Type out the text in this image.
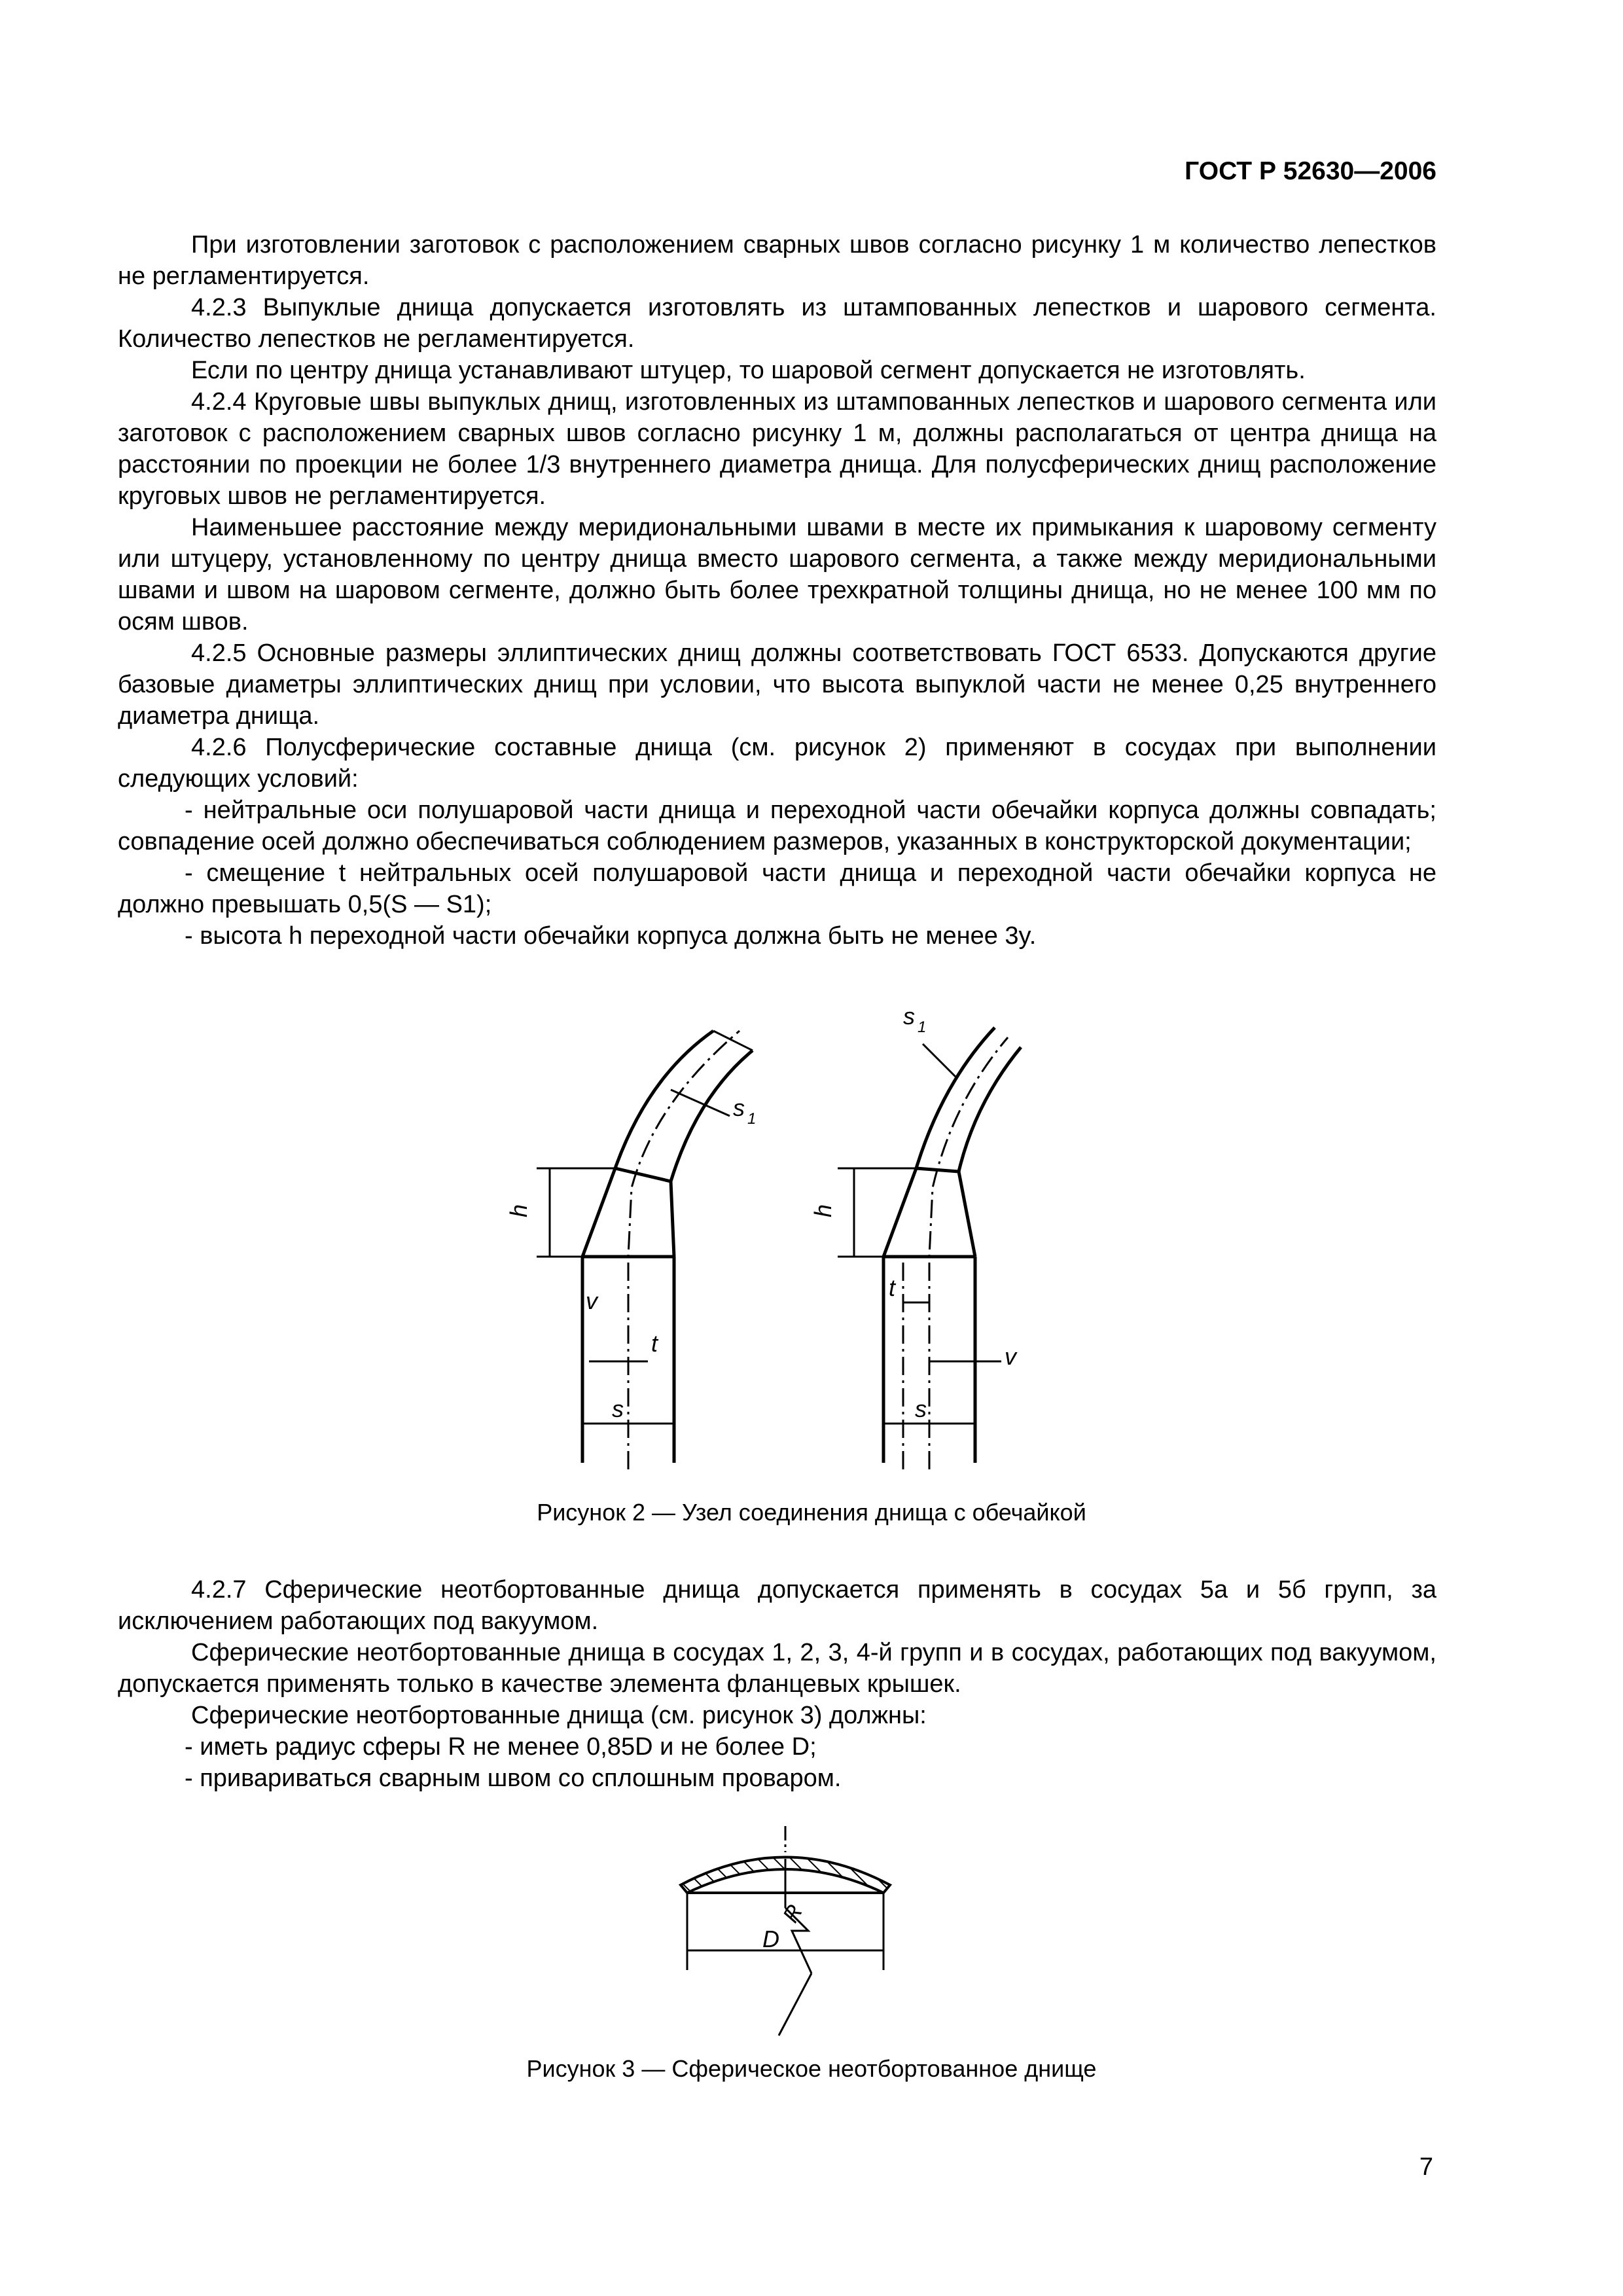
ГОСТ Р 52630—2006

При изготовлении заготовок с расположением сварных швов согласно рисунку 1 м количество лепестков не регламентируется.

4.2.3 Выпуклые днища допускается изготовлять из штампованных лепестков и шарового сегмента. Количество лепестков не регламентируется.

Если по центру днища устанавливают штуцер, то шаровой сегмент допускается не изготовлять.

4.2.4 Круговые швы выпуклых днищ, изготовленных из штампованных лепестков и шарового сегмента или заготовок с расположением сварных швов согласно рисунку 1 м, должны располагаться от центра днища на расстоянии по проекции не более 1/3 внутреннего диаметра днища. Для полусферических днищ расположение круговых швов не регламентируется.

Наименьшее расстояние между меридиональными швами в месте их примыкания к шаровому сегменту или штуцеру, установленному по центру днища вместо шарового сегмента, а также между меридиональными швами и швом на шаровом сегменте, должно быть более трехкратной толщины днища, но не менее 100 мм по осям швов.

4.2.5 Основные размеры эллиптических днищ должны соответствовать ГОСТ 6533. Допускаются другие базовые диаметры эллиптических днищ при условии, что высота выпуклой части не менее 0,25 внутреннего диаметра днища.

4.2.6 Полусферические составные днища (см. рисунок 2) применяют в сосудах при выполнении следующих условий:

- нейтральные оси полушаровой части днища и переходной части обечайки корпуса должны совпадать; совпадение осей должно обеспечиваться соблюдением размеров, указанных в конструкторской документации;

- смещение t нейтральных осей полушаровой части днища и переходной части обечайки корпуса не должно превышать 0,5(S — S1);

- высота h переходной части обечайки корпуса должна быть не менее 3y.

h
v
t
s
s 1
h
t
v
s
s 1
Рисунок 2 — Узел соединения днища с обечайкой

4.2.7 Сферические неотбортованные днища допускается применять в сосудах 5а и 5б групп, за исключением работающих под вакуумом.

Сферические неотбортованные днища в сосудах 1, 2, 3, 4-й групп и в сосудах, работающих под вакуумом, допускается применять только в качестве элемента фланцевых крышек.

Сферические неотбортованные днища (см. рисунок 3) должны:

- иметь радиус сферы R не менее 0,85D и не более D;

- привариваться сварным швом со сплошным проваром.

D
R
Рисунок 3 — Сферическое неотбортованное днище
7
